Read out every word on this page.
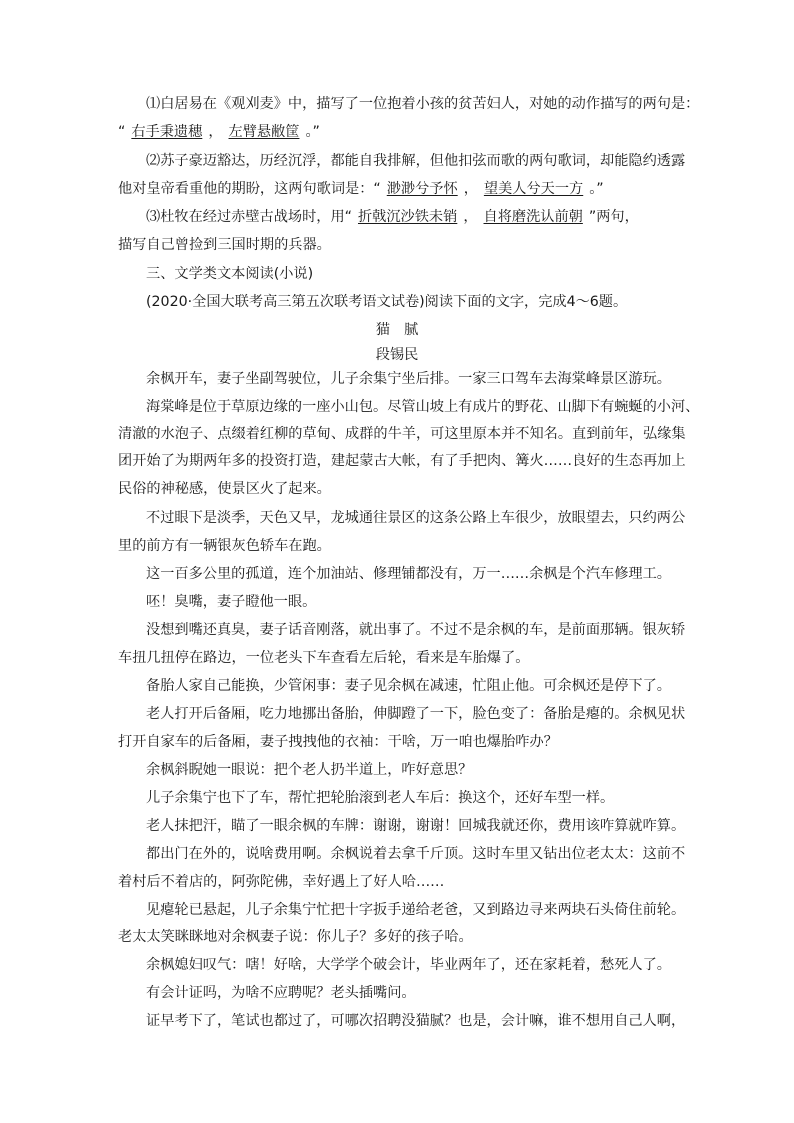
⑴白居易在《观刈麦》中，描写了一位抱着小孩的贫苦妇人，对她的动作描写的两句是：
“ 右手秉遗穗 ， 左臂悬敝筐 。”
⑵苏子豪迈豁达，历经沉浮，都能自我排解，但他扣弦而歌的两句歌词，却能隐约透露
他对皇帝看重他的期盼，这两句歌词是：“ 渺渺兮予怀 ， 望美人兮天一方 。”
⑶杜牧在经过赤壁古战场时，用“ 折戟沉沙铁未销 ， 自将磨洗认前朝 ”两句，
描写自己曾捡到三国时期的兵器。
三、文学类文本阅读(小说)
(2020·全国大联考高三第五次联考语文试卷)阅读下面的文字，完成4～6题。
猫　腻
段锡民
余枫开车，妻子坐副驾驶位，儿子余集宁坐后排。一家三口驾车去海棠峰景区游玩。
海棠峰是位于草原边缘的一座小山包。尽管山坡上有成片的野花、山脚下有蜿蜒的小河、
清澈的水泡子、点缀着红柳的草甸、成群的牛羊，可这里原本并不知名。直到前年，弘缘集
团开始了为期两年多的投资打造，建起蒙古大帐，有了手把肉、篝火……良好的生态再加上
民俗的神秘感，使景区火了起来。
不过眼下是淡季，天色又早，龙城通往景区的这条公路上车很少，放眼望去，只约两公
里的前方有一辆银灰色轿车在跑。
这一百多公里的孤道，连个加油站、修理铺都没有，万一……余枫是个汽车修理工。
呸！臭嘴，妻子瞪他一眼。
没想到嘴还真臭，妻子话音刚落，就出事了。不过不是余枫的车，是前面那辆。银灰轿
车扭几扭停在路边，一位老头下车查看左后轮，看来是车胎爆了。
备胎人家自己能换，少管闲事：妻子见余枫在减速，忙阻止他。可余枫还是停下了。
老人打开后备厢，吃力地挪出备胎，伸脚蹬了一下，脸色变了：备胎是瘪的。余枫见状
打开自家车的后备厢，妻子拽拽他的衣袖：干啥，万一咱也爆胎咋办？
余枫斜睨她一眼说：把个老人扔半道上，咋好意思？
儿子余集宁也下了车，帮忙把轮胎滚到老人车后：换这个，还好车型一样。
老人抹把汗，瞄了一眼余枫的车牌：谢谢，谢谢！回城我就还你，费用该咋算就咋算。
都出门在外的，说啥费用啊。余枫说着去拿千斤顶。这时车里又钻出位老太太：这前不
着村后不着店的，阿弥陀佛，幸好遇上了好人哈……
见瘪轮已悬起，儿子余集宁忙把十字扳手递给老爸，又到路边寻来两块石头倚住前轮。
老太太笑眯眯地对余枫妻子说：你儿子？多好的孩子哈。
余枫媳妇叹气：嗐！好啥，大学学个破会计，毕业两年了，还在家耗着，愁死人了。
有会计证吗，为啥不应聘呢？老头插嘴问。
证早考下了，笔试也都过了，可哪次招聘没猫腻？也是，会计嘛，谁不想用自己人啊，
